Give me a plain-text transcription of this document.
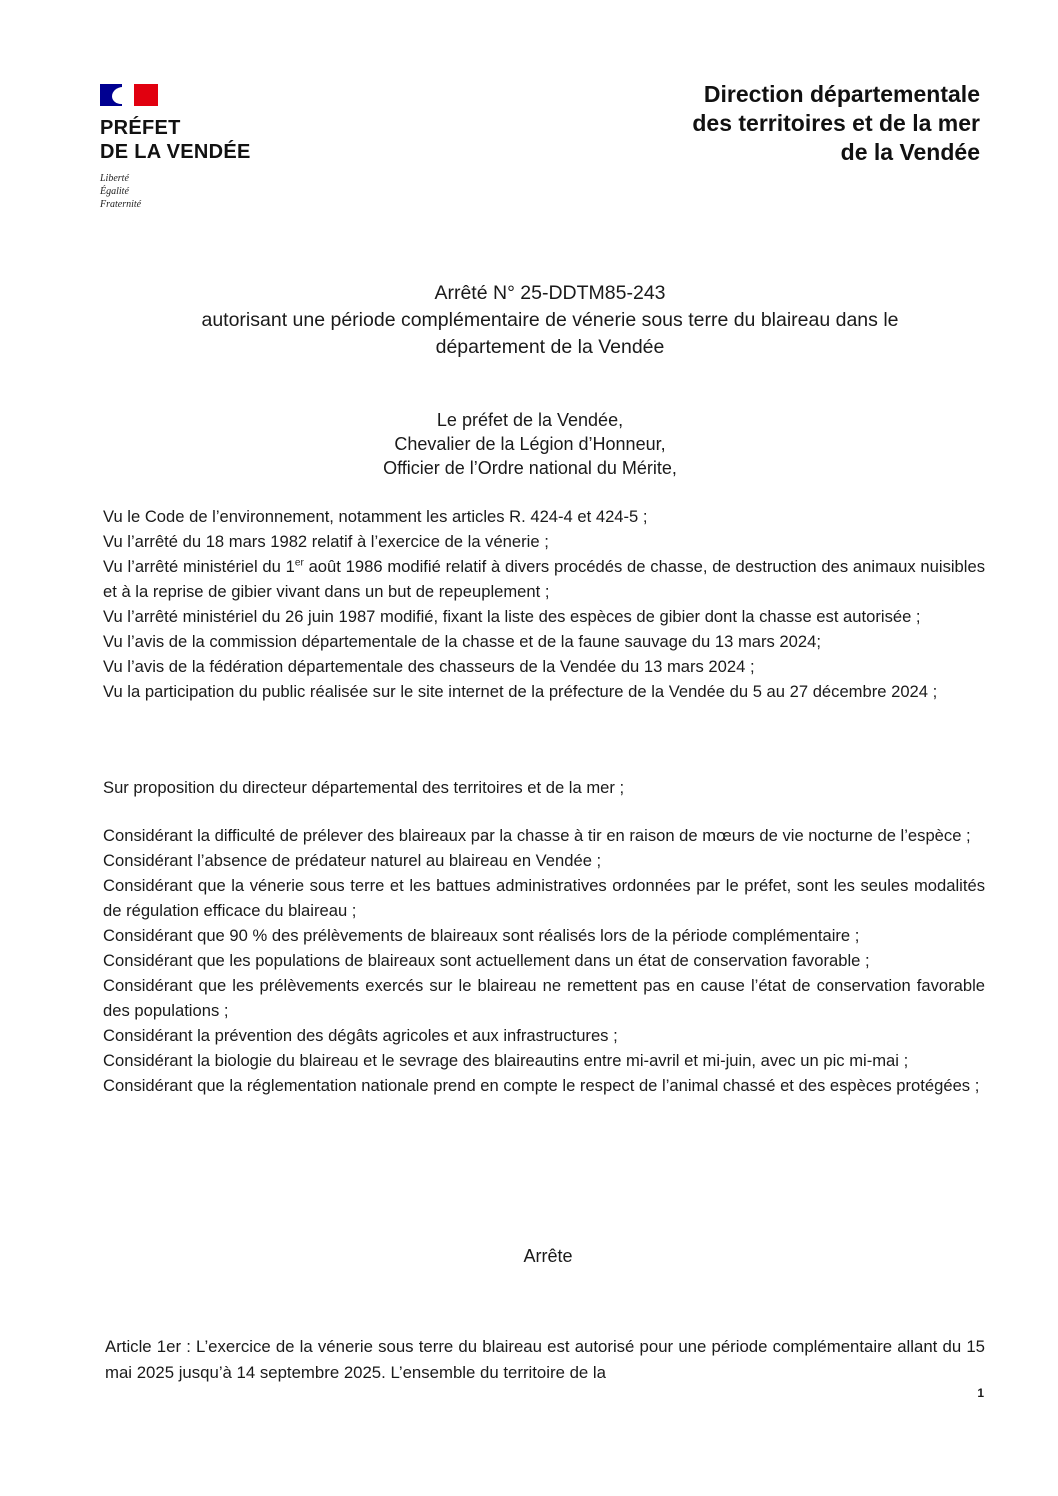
PRÉFET
DE LA VENDÉE
Liberté
Égalité
Fraternité
Direction départementale
des territoires et de la mer
de la Vendée
Arrêté N° 25-DDTM85-243
autorisant une période complémentaire de vénerie sous terre du blaireau dans le
département de la Vendée
Le préfet de la Vendée,
Chevalier de la Légion d’Honneur,
Officier de l’Ordre national du Mérite,

Vu le Code de l’environnement, notamment les articles R. 424-4 et 424-5 ;

Vu l’arrêté du 18 mars 1982 relatif à l’exercice de la vénerie ;

Vu l’arrêté ministériel du 1er août 1986 modifié relatif à divers procédés de chasse, de destruction des animaux nuisibles et à la reprise de gibier vivant dans un but de repeuplement ;

Vu l’arrêté ministériel du 26 juin 1987 modifié, fixant la liste des espèces de gibier dont la chasse est autorisée ;

Vu l’avis de la commission départementale de la chasse et de la faune sauvage du 13 mars 2024;

Vu l’avis de la fédération départementale des chasseurs de la Vendée du 13 mars 2024 ;

Vu la participation du public réalisée sur le site internet de la préfecture de la Vendée du 5 au 27 décembre 2024 ;

Sur proposition du directeur départemental des territoires et de la mer ;

Considérant la difficulté de prélever des blaireaux par la chasse à tir en raison de mœurs de vie nocturne de l’espèce ;

Considérant l’absence de prédateur naturel au blaireau en Vendée ;

Considérant que la vénerie sous terre et les battues administratives ordonnées par le préfet, sont les seules modalités de régulation efficace du blaireau ;

Considérant que 90 % des prélèvements de blaireaux sont réalisés lors de la période complémentaire ;

Considérant que les populations de blaireaux sont actuellement dans un état de conservation favorable ;

Considérant que les prélèvements exercés sur le blaireau ne remettent pas en cause l’état de conservation favorable des populations ;

Considérant la prévention des dégâts agricoles et aux infrastructures ;

Considérant la biologie du blaireau et le sevrage des blaireautins entre mi-avril et mi-juin, avec un pic mi-mai ;

Considérant que la réglementation nationale prend en compte le respect de l’animal chassé et des espèces protégées ;

Arrête
Article 1er : L’exercice de la vénerie sous terre du blaireau est autorisé pour une période complémentaire allant du 15 mai 2025 jusqu’à 14 septembre 2025. L’ensemble du territoire de la
1
